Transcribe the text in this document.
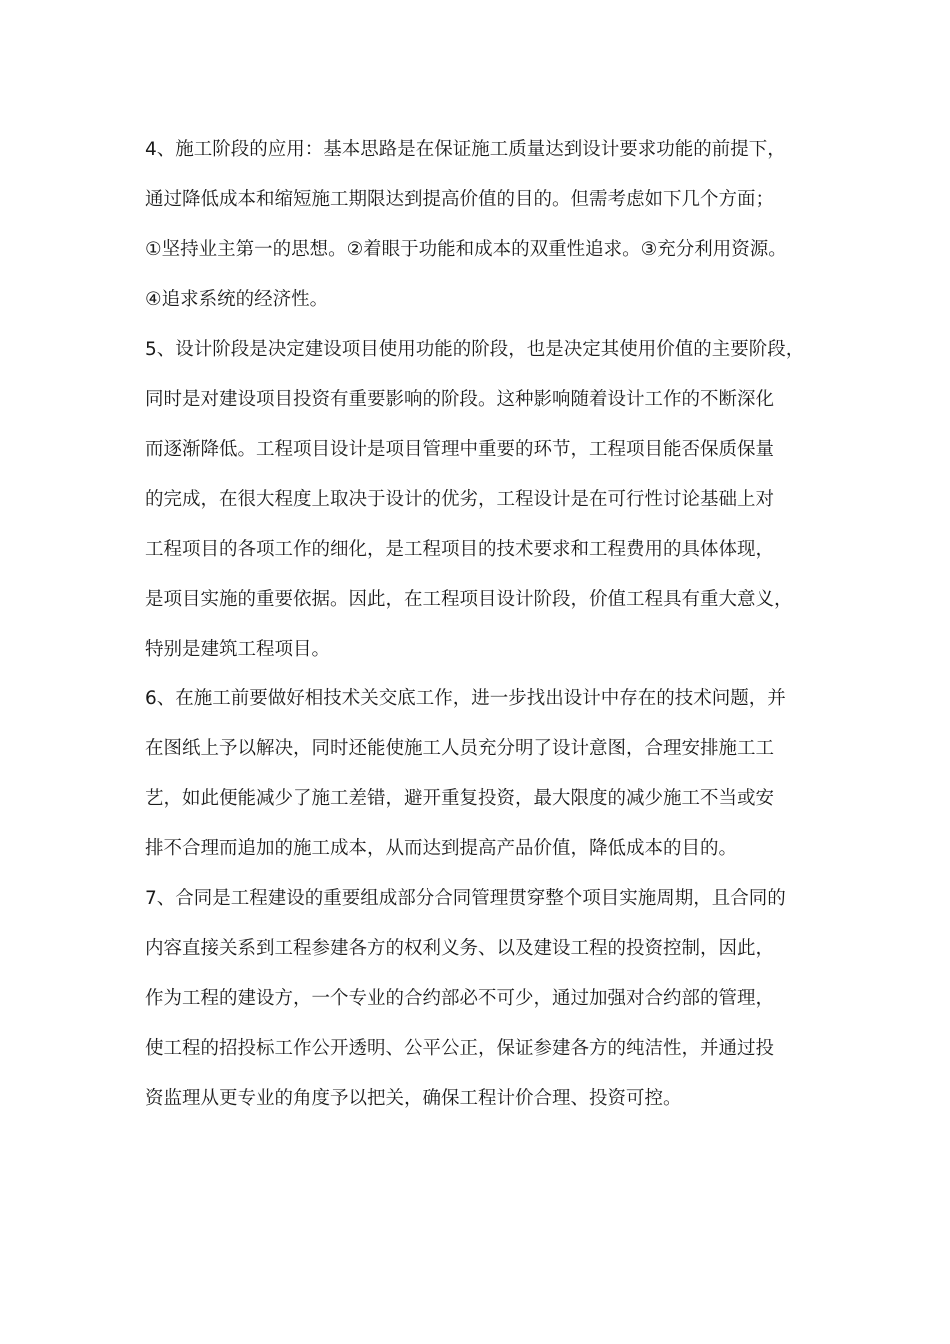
4、施工阶段的应用：基本思路是在保证施工质量达到设计要求功能的前提下，
通过降低成本和缩短施工期限达到提高价值的目的。但需考虑如下几个方面；
①坚持业主第一的思想。②着眼于功能和成本的双重性追求。③充分利用资源。
④追求系统的经济性。
5、设计阶段是决定建设项目使用功能的阶段，也是决定其使用价值的主要阶段，
同时是对建设项目投资有重要影响的阶段。这种影响随着设计工作的不断深化
而逐渐降低。工程项目设计是项目管理中重要的环节，工程项目能否保质保量
的完成，在很大程度上取决于设计的优劣，工程设计是在可行性讨论基础上对
工程项目的各项工作的细化，是工程项目的技术要求和工程费用的具体体现，
是项目实施的重要依据。因此，在工程项目设计阶段，价值工程具有重大意义，
特别是建筑工程项目。
6、在施工前要做好相技术关交底工作，进一步找出设计中存在的技术问题，并
在图纸上予以解决，同时还能使施工人员充分明了设计意图，合理安排施工工
艺，如此便能减少了施工差错，避开重复投资，最大限度的减少施工不当或安
排不合理而追加的施工成本，从而达到提高产品价值，降低成本的目的。
7、合同是工程建设的重要组成部分合同管理贯穿整个项目实施周期，且合同的
内容直接关系到工程参建各方的权利义务、以及建设工程的投资控制，因此，
作为工程的建设方，一个专业的合约部必不可少，通过加强对合约部的管理，
使工程的招投标工作公开透明、公平公正，保证参建各方的纯洁性，并通过投
资监理从更专业的角度予以把关，确保工程计价合理、投资可控。
